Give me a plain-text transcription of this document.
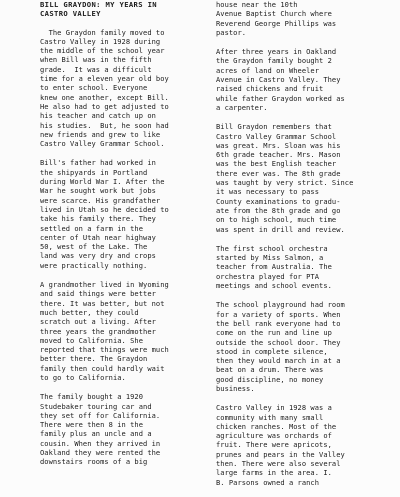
BILL GRAYDON: MY YEARS IN
CASTRO VALLEY
The Graydon family moved to
Castro Valley in 1928 during
the middle of the school year
when Bill was in the fifth
grade.  It was a difficult
time for a eleven year old boy
to enter school. Everyone
knew one another, except Bill.
He also had to get adjusted to
his teacher and catch up on
his studies.  But, he soon had
new friends and grew to like
Castro Valley Grammar School.
Bill's father had worked in
the shipyards in Portland
during World War I. After the
War he sought work but jobs
were scarce. His grandfather
lived in Utah so he decided to
take his family there. They
settled on a farm in the
center of Utah near highway
50, west of the Lake. The
land was very dry and crops
were practically nothing.
A grandmother lived in Wyoming
and said things were better
there. It was better, but not
much better, they could
scratch out a living. After
three years the grandmother
moved to California. She
reported that things were much
better there. The Graydon
family then could hardly wait
to go to California.
The family bought a 1920
Studebaker touring car and
they set off for California.
There were then 8 in the
family plus an uncle and a
cousin. When they arrived in
Oakland they were rented the
downstairs rooms of a big
house near the 10th
Avenue Baptist Church where
Reverend George Phillips was
pastor.
After three years in Oakland
the Graydon family bought 2
acres of land on Wheeler
Avenue in Castro Valley. They
raised chickens and fruit
while father Graydon worked as
a carpenter.
Bill Graydon remembers that
Castro Valley Grammar School
was great. Mrs. Sloan was his
6th grade teacher. Mrs. Mason
was the best English teacher
there ever was. The 8th grade
was taught by very strict. Since
it was necessary to pass
County examinations to gradu-
ate from the 8th grade and go
on to high school, much time
was spent in drill and review.
The first school orchestra
started by Miss Salmon, a
teacher from Australia. The
orchestra played for PTA
meetings and school events.
The school playground had room
for a variety of sports. When
the bell rank everyone had to
come on the run and line up
outside the school door. They
stood in complete silence,
then they would march in at a
beat on a drum. There was
good discipline, no money
business.
Castro Valley in 1928 was a
community with many small
chicken ranches. Most of the
agriculture was orchards of
fruit. There were apricots,
prunes and pears in the Valley
then. There were also several
large farms in the area. I.
B. Parsons owned a ranch
